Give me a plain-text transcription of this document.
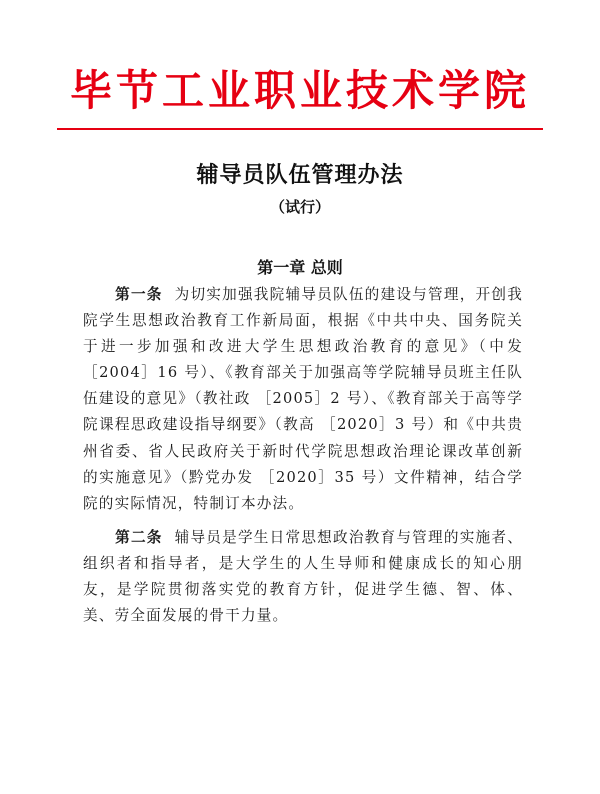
毕节工业职业技术学院
辅导员队伍管理办法
（试行）
第一章 总则

第一条 为切实加强我院辅导员队伍的建设与管理，开创我院学生思想政治教育工作新局面，根据《中共中央、国务院关于进一步加强和改进大学生思想政治教育的意见》（中发 ［2004］16 号）、《教育部关于加强高等学院辅导员班主任队伍建设的意见》（教社政 ［2005］2 号）、《教育部关于高等学院课程思政建设指导纲要》（教高 ［2020］3 号）和《中共贵州省委、省人民政府关于新时代学院思想政治理论课改革创新的实施意见》（黔党办发 ［2020］35 号）文件精神，结合学院的实际情况，特制订本办法。

第二条 辅导员是学生日常思想政治教育与管理的实施者、组织者和指导者，是大学生的人生导师和健康成长的知心朋友，是学院贯彻落实党的教育方针，促进学生德、智、体、美、劳全面发展的骨干力量。
